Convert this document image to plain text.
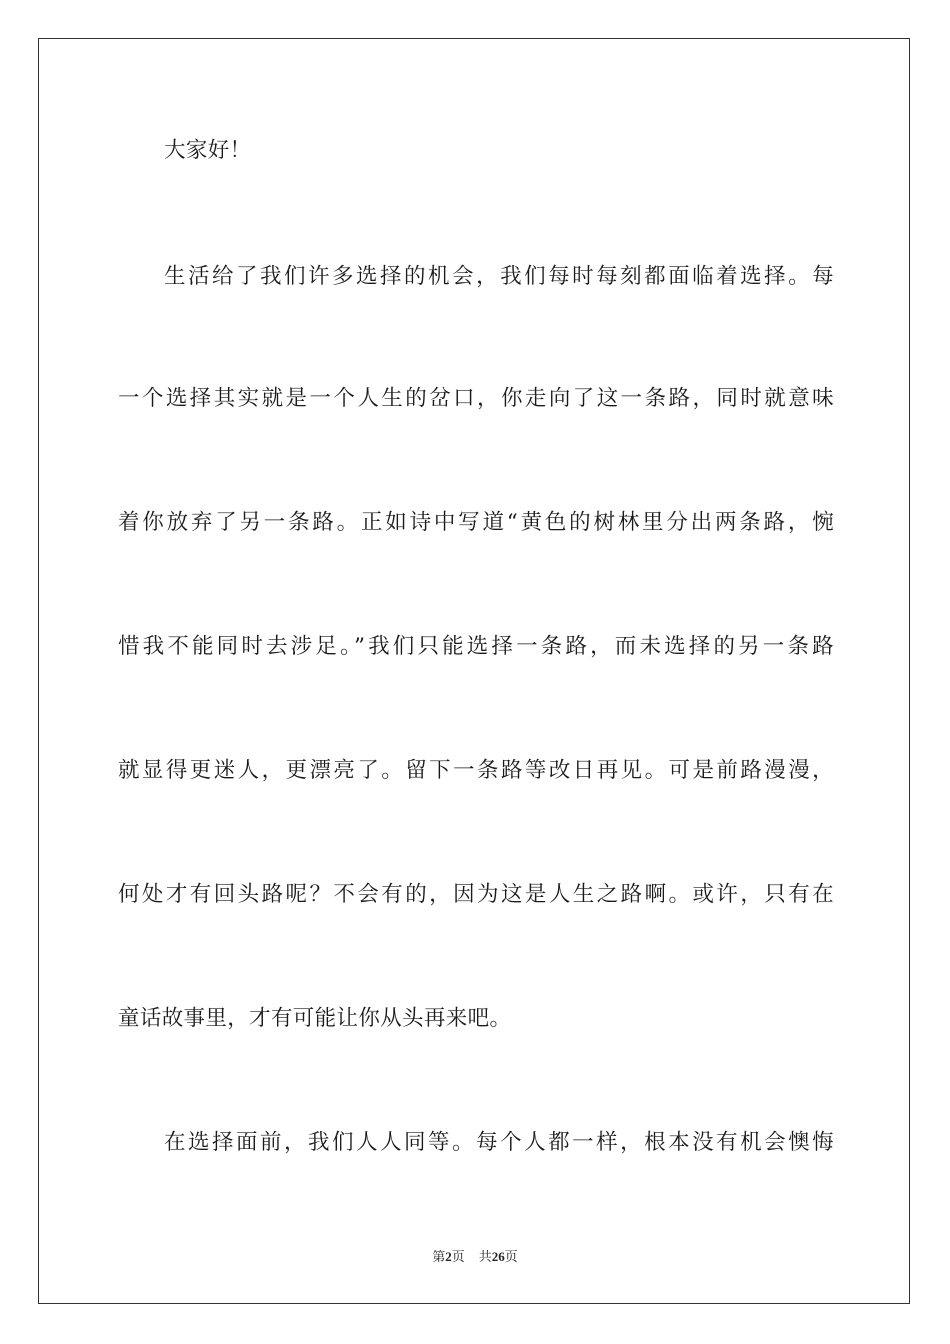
大家好！
生活给了我们许多选择的机会，我们每时每刻都面临着选择。每
一个选择其实就是一个人生的岔口，你走向了这一条路，同时就意味
着你放弃了另一条路。正如诗中写道“黄色的树林里分出两条路，惋
惜我不能同时去涉足。”我们只能选择一条路，而未选择的另一条路
就显得更迷人，更漂亮了。留下一条路等改日再见。可是前路漫漫，
何处才有回头路呢？不会有的，因为这是人生之路啊。或许，只有在
童话故事里，才有可能让你从头再来吧。
在选择面前，我们人人同等。每个人都一样，根本没有机会懊悔
第2页 共26页
